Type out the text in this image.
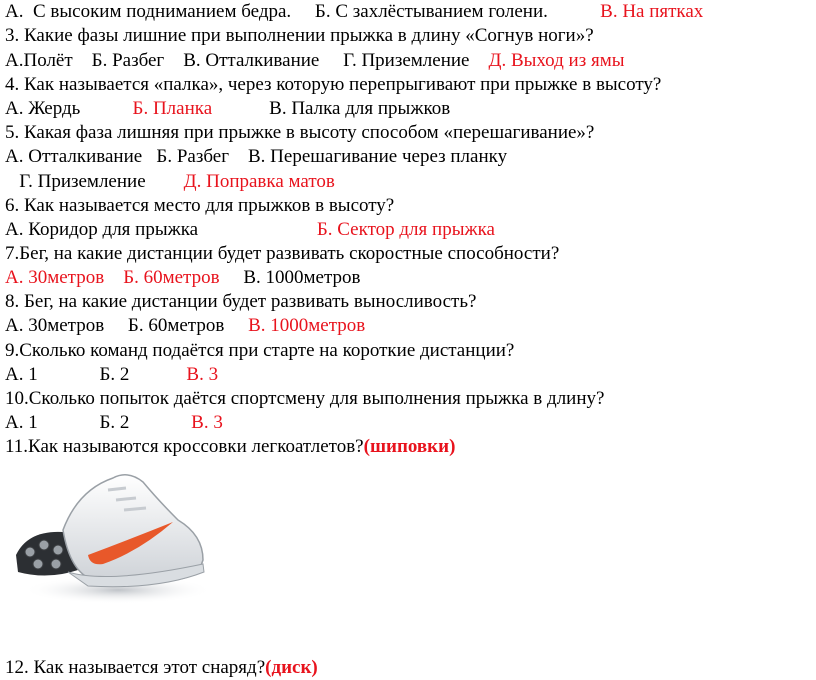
А.  С высоким подниманием бедра.     Б. С захлёстыванием голени.           В. На пятках
3. Какие фазы лишние при выполнении прыжка в длину «Согнув ноги»?
А.Полёт    Б. Разбег    В. Отталкивание     Г. Приземление    Д. Выход из ямы
4. Как называется «палка», через которую перепрыгивают при прыжке в высоту?
А. Жердь           Б. Планка            В. Палка для прыжков
5. Какая фаза лишняя при прыжке в высоту способом «перешагивание»?
А. Отталкивание   Б. Разбег    В. Перешагивание через планку
Г. Приземление        Д. Поправка матов
6. Как называется место для прыжков в высоту?
А. Коридор для прыжка                         Б. Сектор для прыжка
7.Бег, на какие дистанции будет развивать скоростные способности?
А. 30метров Б. 60метров     В. 1000метров
8. Бег, на какие дистанции будет развивать выносливость?
А. 30метров     Б. 60метров     В. 1000метров
9.Сколько команд подаётся при старте на короткие дистанции?
А. 1             Б. 2            В. 3
10.Сколько попыток даётся спортсмену для выполнения прыжка в длину?
А. 1             Б. 2             В. 3
11.Как называются кроссовки легкоатлетов?(шиповки)
12. Как называется этот снаряд?(диск)
